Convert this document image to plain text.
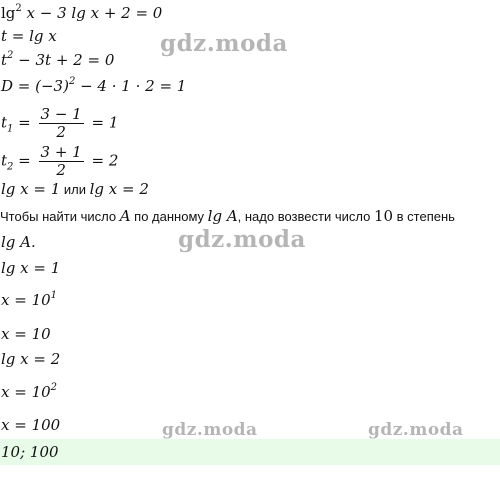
$\lg^2 x - 3$ lg x + 2 = 0
t = lg x
$t^2 - 3t + 2 = 0$
$D = (-3)^2 - 4 \cdot 1 \cdot 2 = 1$
$t_1 = \frac{3 - 1}{2} = 1$
$t_2 = \frac{3 + 1}{2} = 2$
lg x = 1 или lg x = 2
Чтобы найти число A по данному lg A, надо возвести число 10 в степень
lg A.
lg x = 1
$x = 10^1$
x = 10
lg x = 2
$x = 10^2$
x = 100
10; 100
gdz.moda
gdz.moda
gdz.moda	gdz.moda
